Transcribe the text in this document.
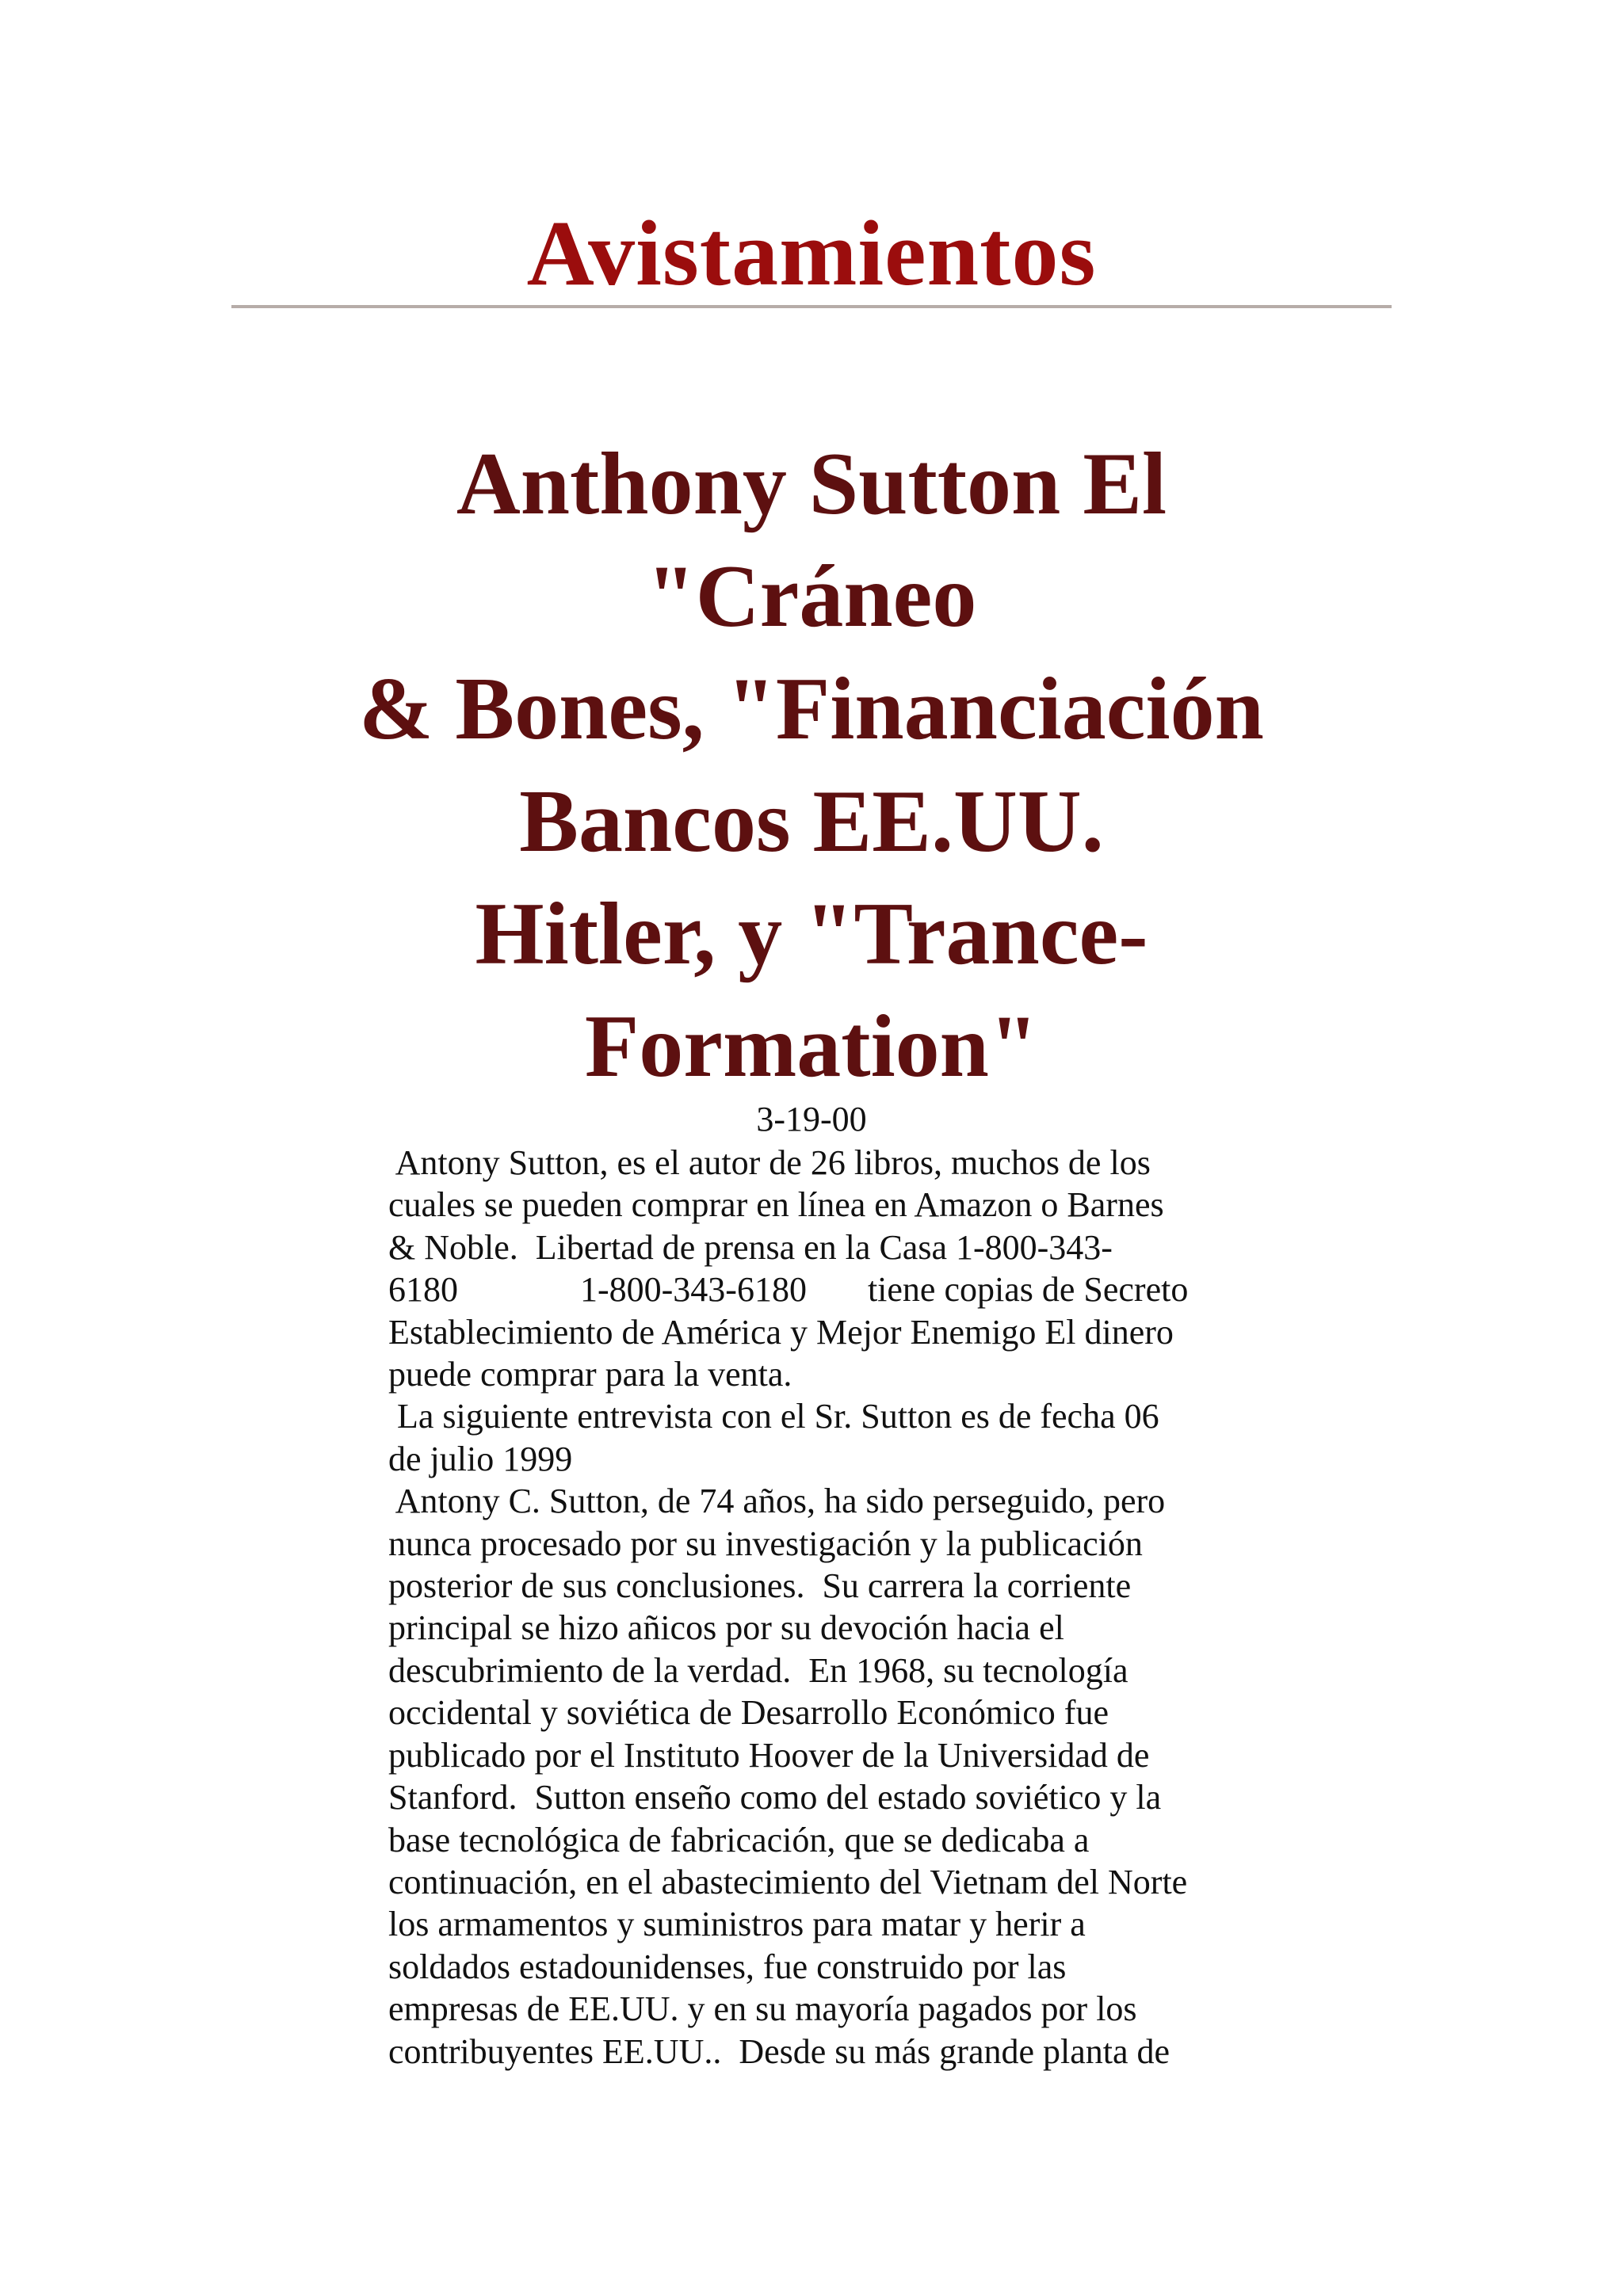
Avistamientos
Anthony Sutton El
"Cráneo
& Bones, "Financiación
Bancos EE.UU.
Hitler, y "Trance-
Formation"
3-19-00
Antony Sutton, es el autor de 26 libros, muchos de los
cuales se pueden comprar en línea en Amazon o Barnes
& Noble.  Libertad de prensa en la Casa 1-800-343-
6180              1-800-343-6180       tiene copias de Secreto
Establecimiento de América y Mejor Enemigo El dinero
puede comprar para la venta.
La siguiente entrevista con el Sr. Sutton es de fecha 06
de julio 1999
Antony C. Sutton, de 74 años, ha sido perseguido, pero
nunca procesado por su investigación y la publicación
posterior de sus conclusiones.  Su carrera la corriente
principal se hizo añicos por su devoción hacia el
descubrimiento de la verdad.  En 1968, su tecnología
occidental y soviética de Desarrollo Económico fue
publicado por el Instituto Hoover de la Universidad de
Stanford.  Sutton enseño como del estado soviético y la
base tecnológica de fabricación, que se dedicaba a
continuación, en el abastecimiento del Vietnam del Norte
los armamentos y suministros para matar y herir a
soldados estadounidenses, fue construido por las
empresas de EE.UU. y en su mayoría pagados por los
contribuyentes EE.UU..  Desde su más grande planta de
